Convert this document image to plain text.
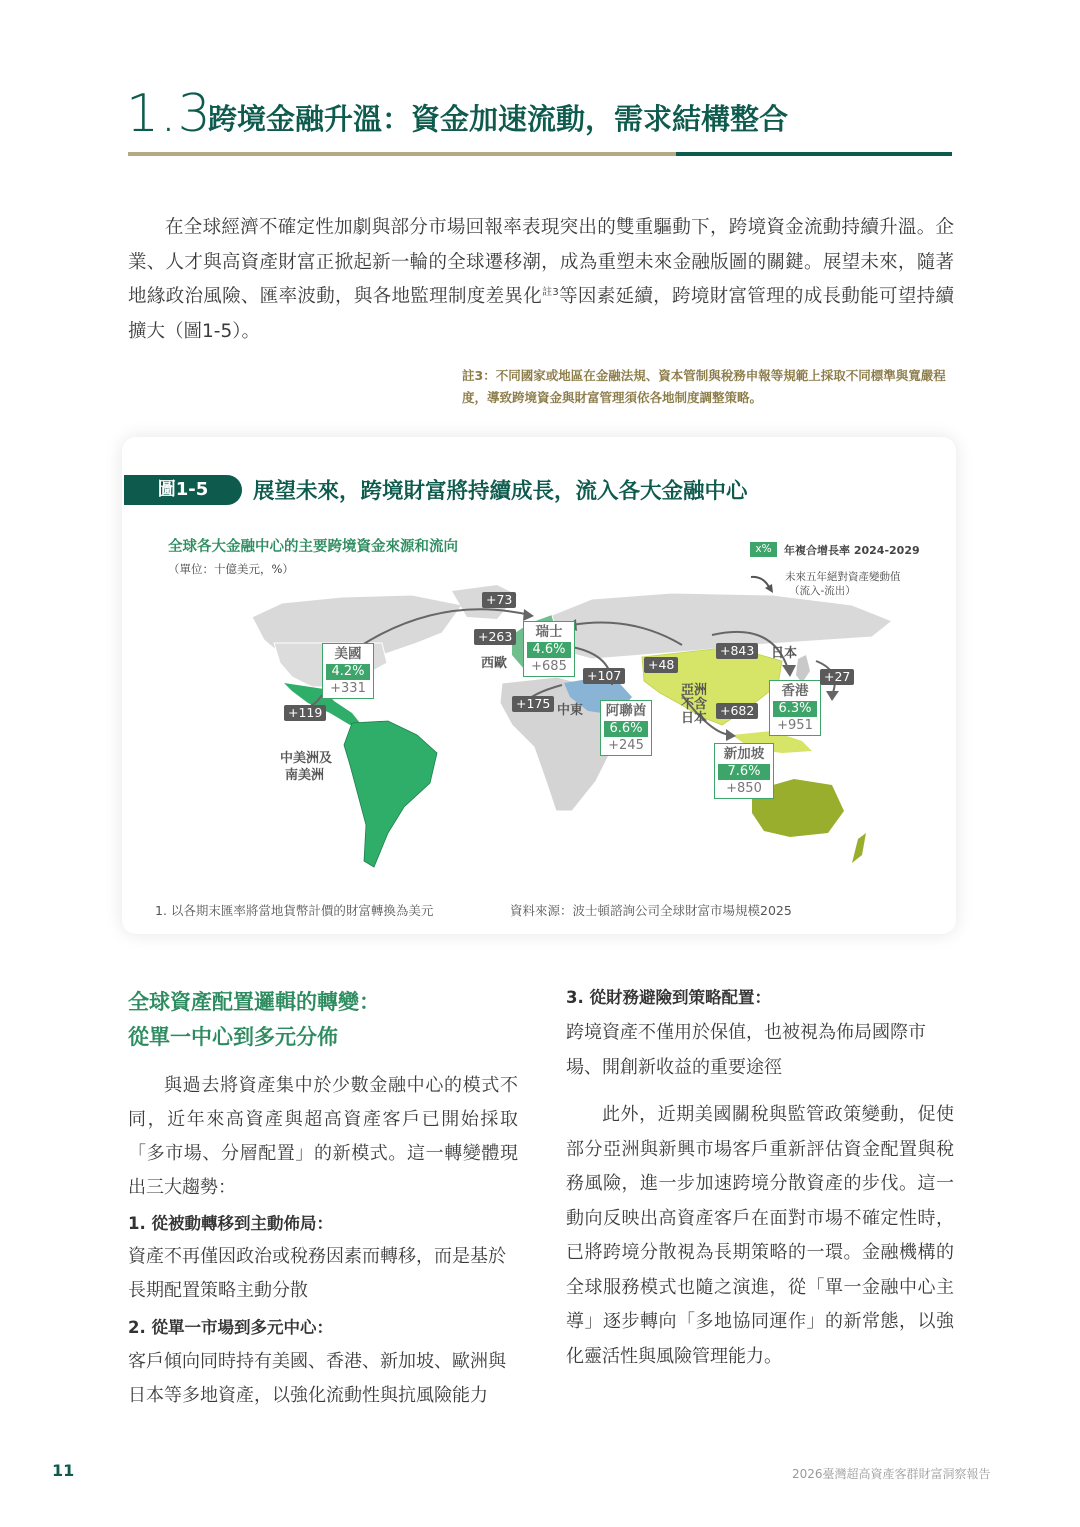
1.3
跨境金融升溫：資金加速流動，需求結構整合
在全球經濟不確定性加劇與部分市場回報率表現突出的雙重驅動下，跨境資金流動持續升溫。企業、人才與高資產財富正掀起新一輪的全球遷移潮，成為重塑未來金融版圖的關鍵。展望未來，隨著地緣政治風險、匯率波動，與各地監理制度差異化$^{註3}$等因素延續，跨境財富管理的成長動能可望持續擴大（圖1-5）。
註3：不同國家或地區在金融法規、資本管制與稅務申報等規範上採取不同標準與寬嚴程度，導致跨境資金與財富管理須依各地制度調整策略。
圖1-5	展望未來，跨境財富將持續成長，流入各大金融中心
全球各大金融中心的主要跨境資金來源和流向
（單位：十億美元，%）
x%	年複合增長率 2024-2029
未來五年絕對資產變動值
（流入-流出）
西歐
中東
中美洲及
南美洲
亞洲
不含
日本
日本
美國
4.2%
+331
瑞士
4.6%
+685
阿聯酋
6.6%
+245
新加坡
7.6%
+850
香港
6.3%
+951
+73
+263
+48
+843
+27
+107
+175	+682
+119
1. 以各期末匯率將當地貨幣計價的財富轉換為美元	資料來源：波士頓諮詢公司全球財富市場規模2025
全球資產配置邏輯的轉變：
從單一中心到多元分佈
與過去將資產集中於少數金融中心的模式不同，近年來高資產與超高資產客戶已開始採取「多市場、分層配置」的新模式。這一轉變體現出三大趨勢：
1. 從被動轉移到主動佈局：
資產不再僅因政治或稅務因素而轉移，而是基於長期配置策略主動分散
2. 從單一市場到多元中心：
客戶傾向同時持有美國、香港、新加坡、歐洲與日本等多地資產，以強化流動性與抗風險能力
3. 從財務避險到策略配置：
跨境資產不僅用於保值，也被視為佈局國際市場、開創新收益的重要途徑
此外，近期美國關稅與監管政策變動，促使部分亞洲與新興市場客戶重新評估資金配置與稅務風險，進一步加速跨境分散資產的步伐。這一動向反映出高資產客戶在面對市場不確定性時，已將跨境分散視為長期策略的一環。金融機構的全球服務模式也隨之演進，從「單一金融中心主導」逐步轉向「多地協同運作」的新常態，以強化靈活性與風險管理能力。
11	2026臺灣超高資產客群財富洞察報告
